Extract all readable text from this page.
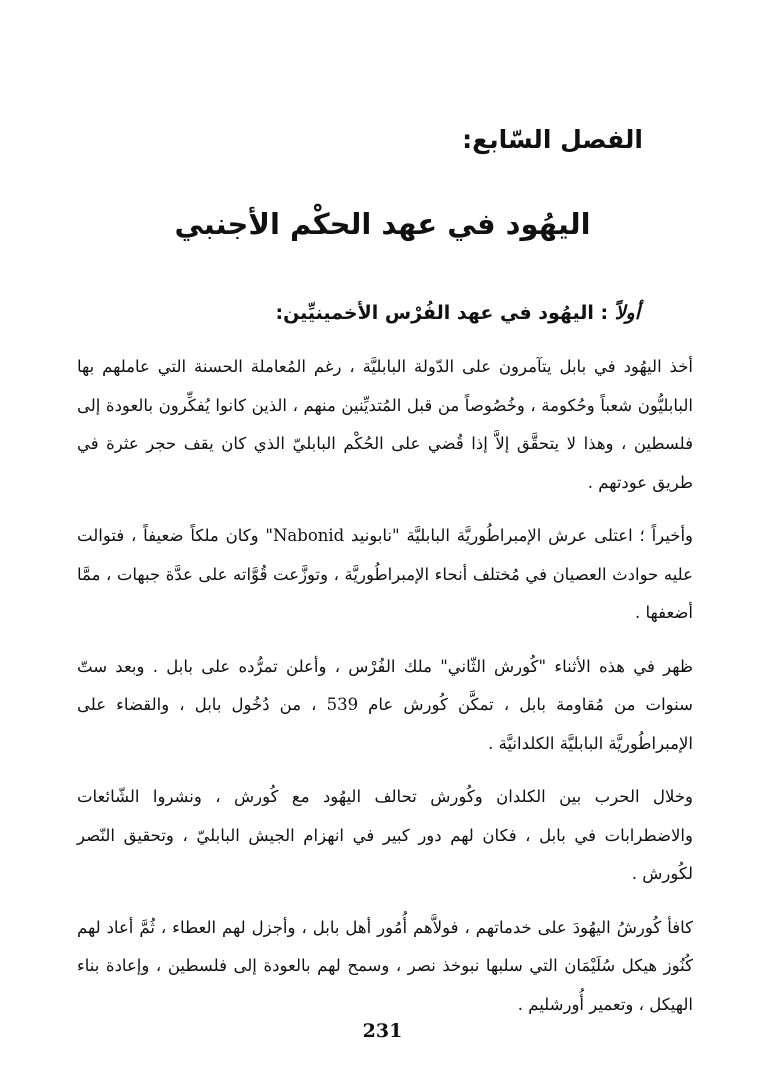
الفصل السّابع:
اليهُود في عهد الحكْم الأجنبي
أولاً : اليهُود في عهد الفُرْس الأخمينيِّين:

أخذ اليهُود في بابل يتآمرون على الدّولة البابليَّة ، رغم المُعاملة الحسنة التي عاملهم بها البابليُّون شعباً وحُكومة ، وخُصُوصاً من قبل المُتديِّنين منهم ، الذين كانوا يُفكِّرون بالعودة إلى فلسطين ، وهذا لا يتحقَّق إلاَّ إذا قُضي على الحُكْم البابليّ الذي كان يقف حجر عثرة في طريق عودتهم .

وأخيراً ؛ اعتلى عرش الإمبراطُوريَّة البابليَّة "نابونيد Nabonid" وكان ملكاً ضعيفاً ، فتوالت عليه حوادث العصيان في مُختلف أنحاء الإمبراطُوريَّة ، وتوزَّعت قُوَّاته على عدَّة جبهات ، ممَّا أضعفها .

ظهر في هذه الأثناء "كُورش الثّاني" ملك الفُرْس ، وأعلن تمرُّده على بابل . وبعد ستّ سنوات من مُقاومة بابل ، تمكَّن كُورش عام 539 ، من دُخُول بابل ، والقضاء على الإمبراطُوريَّة البابليَّة الكلدانيَّة .

وخلال الحرب بين الكلدان وكُورش تحالف اليهُود مع كُورش ، ونشروا الشّائعات والاضطرابات في بابل ، فكان لهم دور كبير في انهزام الجيش البابليّ ، وتحقيق النّصر لكُورش .

كافأ كُورشُ اليهُودَ على خدماتهم ، فولاَّهم أُمُور أهل بابل ، وأجزل لهم العطاء ، ثُمَّ أعاد لهم كُنُوز هيكل سُلَيْمَان التي سلبها نبوخذ نصر ، وسمح لهم بالعودة إلى فلسطين ، وإعادة بناء الهيكل ، وتعمير أُورشليم .

231
